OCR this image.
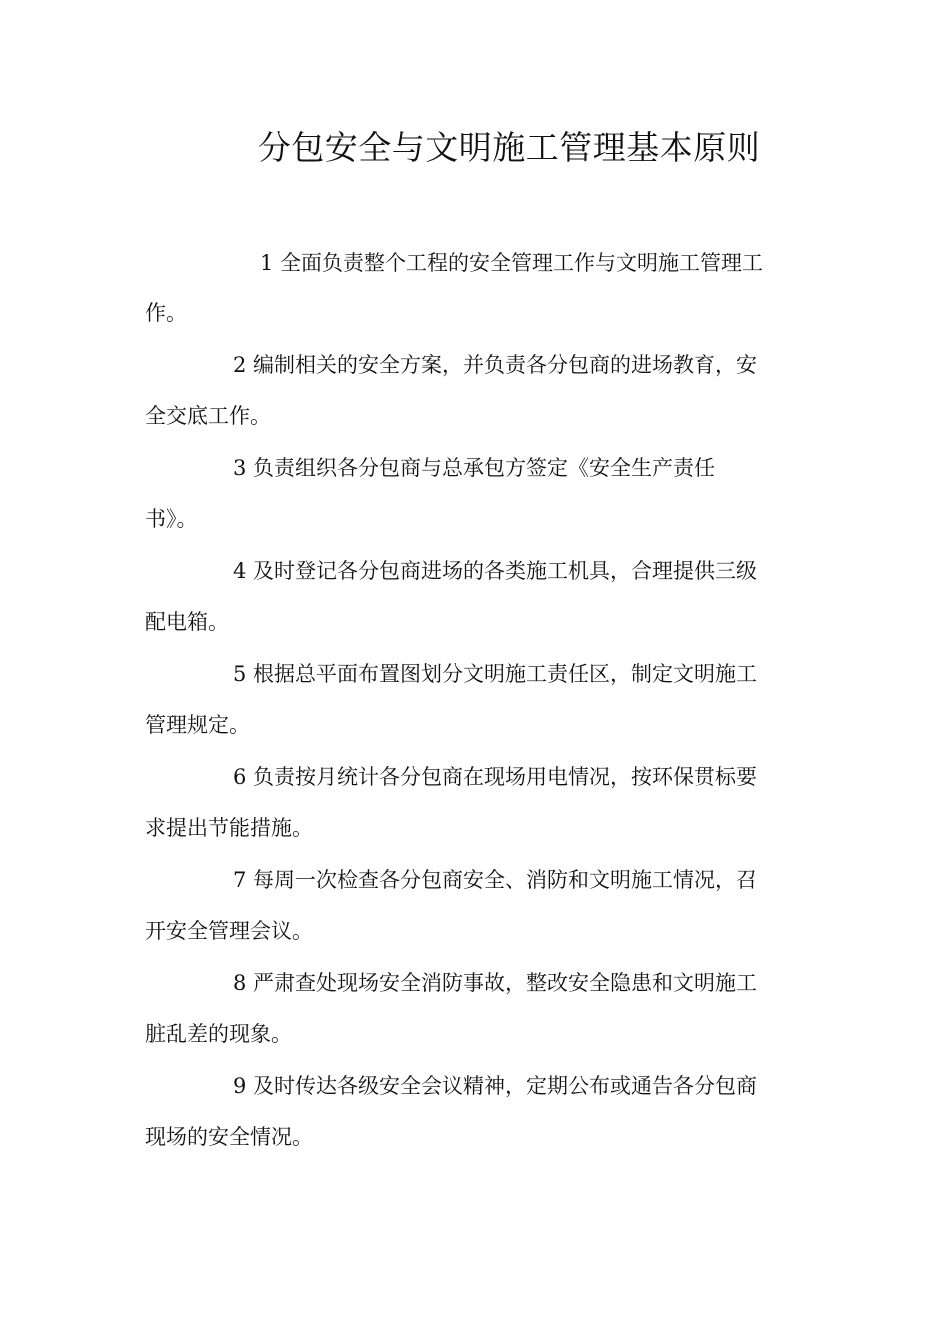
分包安全与文明施工管理基本原则
1 全面负责整个工程的安全管理工作与文明施工管理工
作。
2 编制相关的安全方案，并负责各分包商的进场教育，安
全交底工作。
3 负责组织各分包商与总承包方签定《安全生产责任
书》。
4 及时登记各分包商进场的各类施工机具，合理提供三级
配电箱。
5 根据总平面布置图划分文明施工责任区，制定文明施工
管理规定。
6 负责按月统计各分包商在现场用电情况，按环保贯标要
求提出节能措施。
7 每周一次检查各分包商安全、消防和文明施工情况，召
开安全管理会议。
8 严肃查处现场安全消防事故，整改安全隐患和文明施工
脏乱差的现象。
9 及时传达各级安全会议精神，定期公布或通告各分包商
现场的安全情况。
